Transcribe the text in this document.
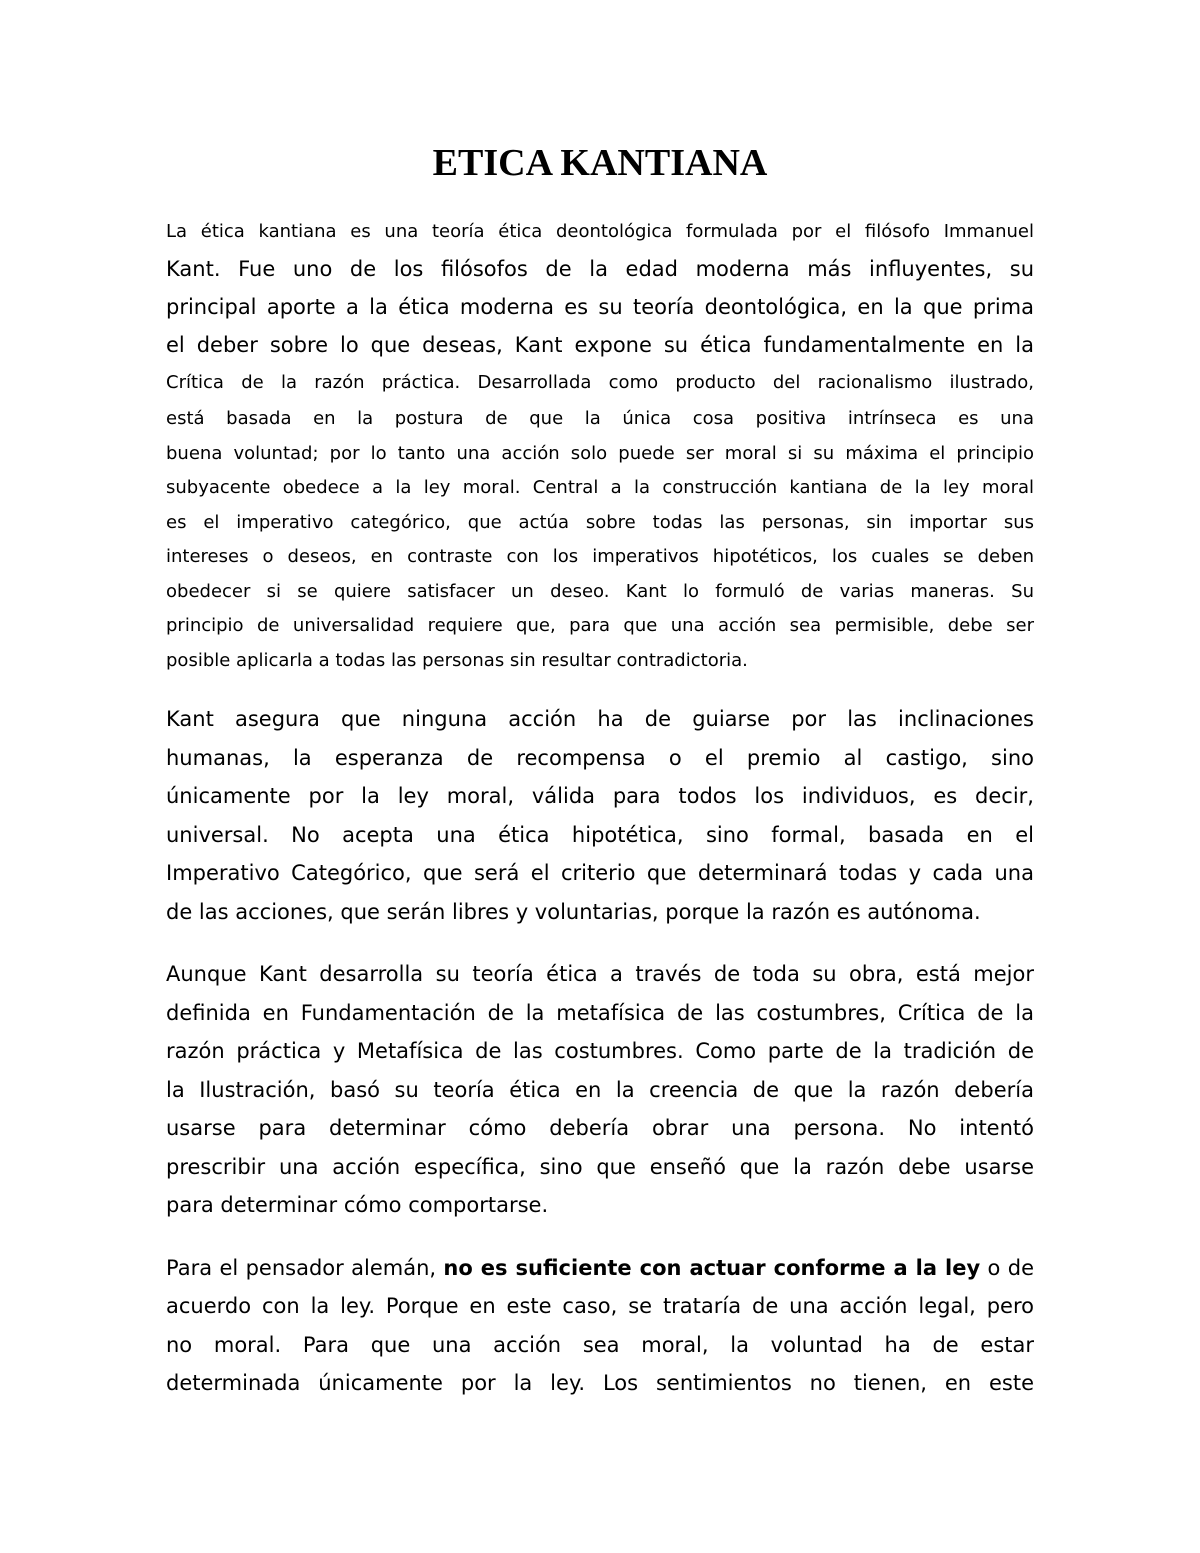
ETICA KANTIANA
La ética kantiana es una teoría ética deontológica formulada por el filósofo Immanuel
Kant. Fue uno de los filósofos de la edad moderna más influyentes, su
principal aporte a la ética moderna es su teoría deontológica, en la que prima
el deber sobre lo que deseas, Kant expone su ética fundamentalmente en la
Crítica de la razón práctica. Desarrollada como producto del racionalismo ilustrado,
está basada en la postura de que la única cosa positiva intrínseca es una
buena voluntad; por lo tanto una acción solo puede ser moral si su máxima el principio
subyacente obedece a la ley moral. Central a la construcción kantiana de la ley moral
es el imperativo categórico, que actúa sobre todas las personas, sin importar sus
intereses o deseos, en contraste con los imperativos hipotéticos, los cuales se deben
obedecer si se quiere satisfacer un deseo. Kant lo formuló de varias maneras. Su
principio de universalidad requiere que, para que una acción sea permisible, debe ser
posible aplicarla a todas las personas sin resultar contradictoria.
Kant asegura que ninguna acción ha de guiarse por las inclinaciones
humanas, la esperanza de recompensa o el premio al castigo, sino
únicamente por la ley moral, válida para todos los individuos, es decir,
universal. No acepta una ética hipotética, sino formal, basada en el
Imperativo Categórico, que será el criterio que determinará todas y cada una
de las acciones, que serán libres y voluntarias, porque la razón es autónoma.
Aunque Kant desarrolla su teoría ética a través de toda su obra, está mejor
definida en Fundamentación de la metafísica de las costumbres, Crítica de la
razón práctica y Metafísica de las costumbres. Como parte de la tradición de
la Ilustración, basó su teoría ética en la creencia de que la razón debería
usarse para determinar cómo debería obrar una persona. No intentó
prescribir una acción específica, sino que enseñó que la razón debe usarse
para determinar cómo comportarse.
Para el pensador alemán, no es suficiente con actuar conforme a la ley o de
acuerdo con la ley. Porque en este caso, se trataría de una acción legal, pero
no moral. Para que una acción sea moral, la voluntad ha de estar
determinada únicamente por la ley. Los sentimientos no tienen, en este
